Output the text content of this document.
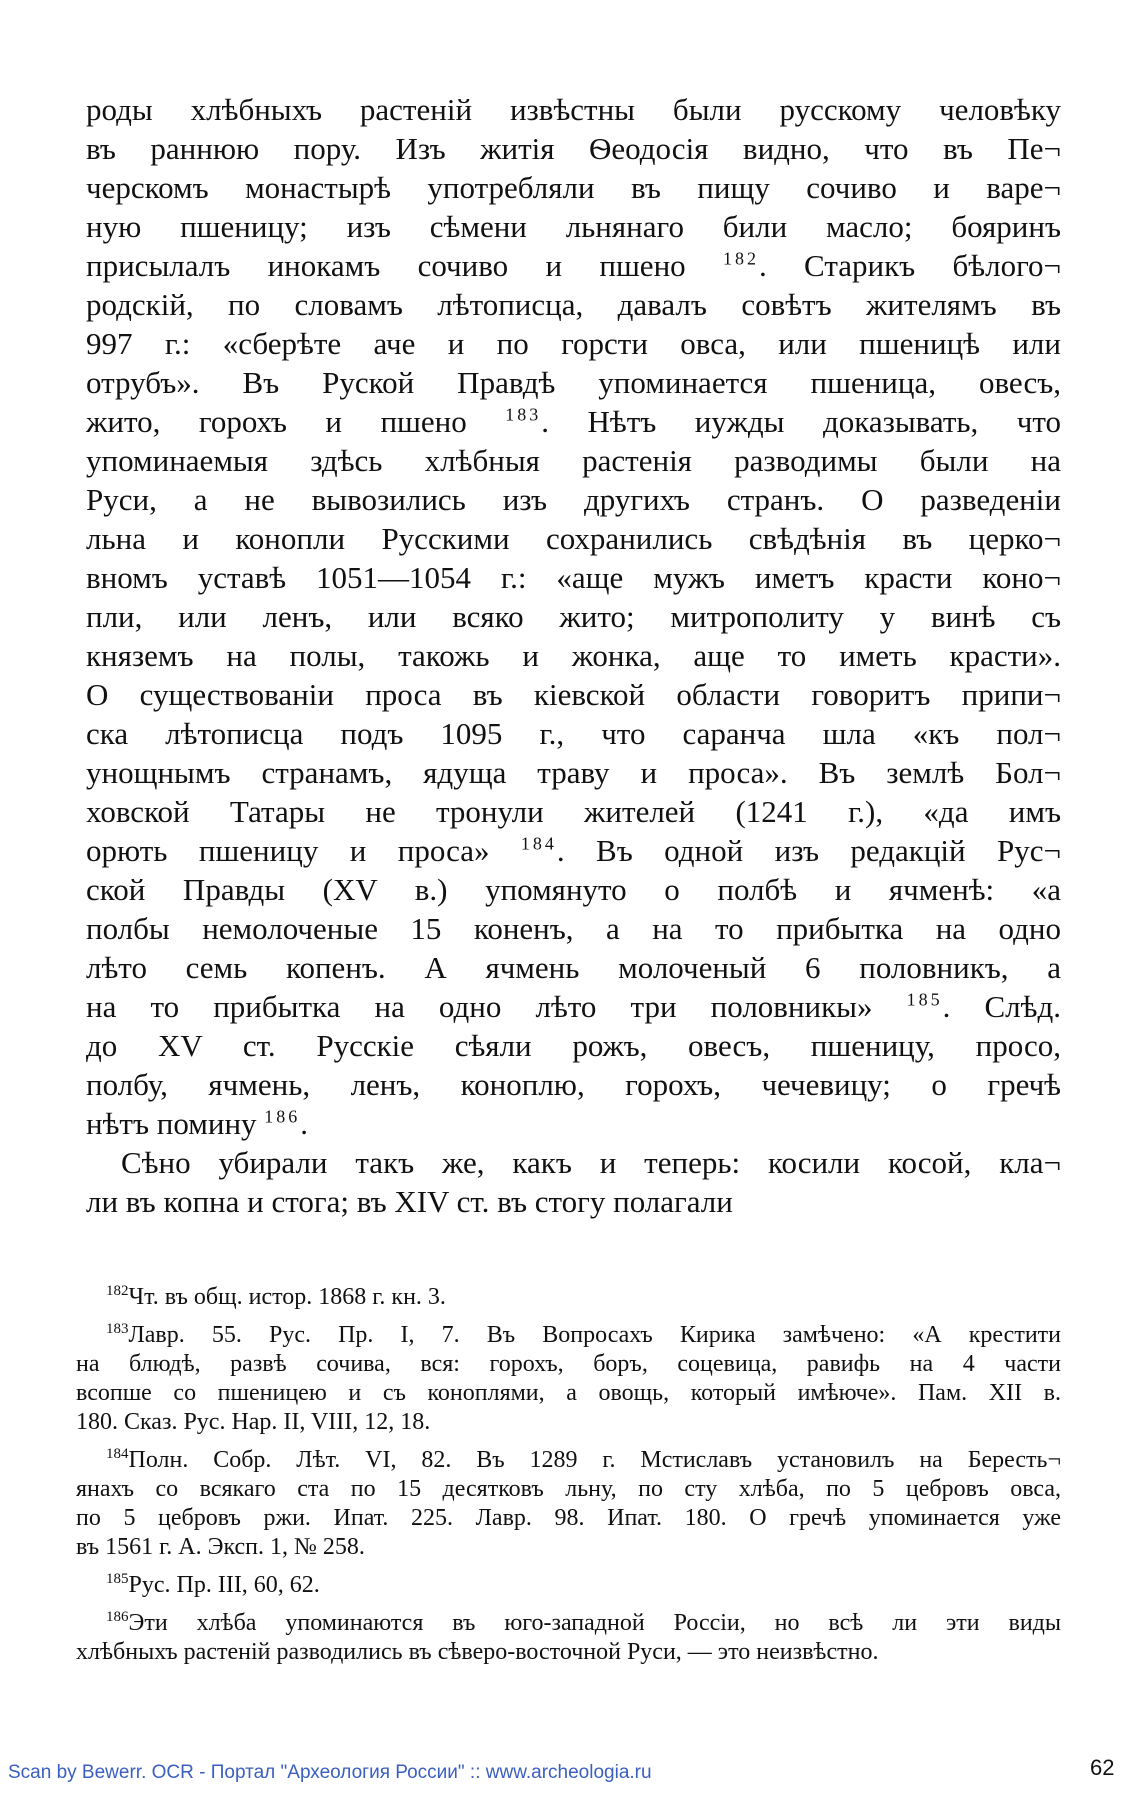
роды хлѣбныхъ растеній извѣстны были русскому человѣку
въ раннюю пору. Изъ житія Ѳеодосія видно, что въ Пе¬
черскомъ монастырѣ употребляли въ пищу сочиво и варе¬
ную пшеницу; изъ сѣмени льнянаго били масло; бояринъ
присылалъ инокамъ сочиво и пшено $^{182}$. Старикъ бѣлого¬
родскій, по словамъ лѣтописца, давалъ совѣтъ жителямъ въ
997 г.: «сберѣте аче и по горсти овса, или пшеницѣ или
отрубъ». Въ Руской Правдѣ упоминается пшеница, овесъ,
жито, горохъ и пшено $^{183}$. Нѣтъ иужды доказывать, что
упоминаемыя здѣсь хлѣбныя растенія разводимы были на
Руси, а не вывозились изъ другихъ странъ. О разведеніи
льна и конопли Русскими сохранились свѣдѣнія въ церко¬
вномъ уставѣ 1051—1054 г.: «аще мужъ иметъ красти коно¬
пли, или ленъ, или всяко жито; митрополиту у винѣ съ
княземъ на полы, такожь и жонка, аще то иметь красти».
О существованіи проса въ кіевской области говоритъ припи¬
ска лѣтописца подъ 1095 г., что саранча шла «къ пол¬
унощнымъ странамъ, ядуща траву и проса». Въ землѣ Бол¬
ховской Татары не тронули жителей (1241 г.), «да имъ
орють пшеницу и проса» $^{184}$. Въ одной изъ редакцій Рус¬
ской Правды (XV в.) упомянуто о полбѣ и ячменѣ: «а
полбы немолоченые 15 коненъ, а на то прибытка на одно
лѣто семь копенъ. А ячмень молоченый 6 половникъ, а
на то прибытка на одно лѣто три половникы» $^{185}$. Слѣд.
до XV ст. Русскіе сѣяли рожъ, овесъ, пшеницу, просо,
полбу, ячмень, ленъ, коноплю, горохъ, чечевицу; о гречѣ
нѣтъ помину $^{186}$.
Сѣно убирали такъ же, какъ и теперь: косили косой, кла¬
ли въ копна и стога; въ XIV ст. въ стогу полагали
$^{182}$Чт. въ общ. истор. 1868 г. кн. 3.
$^{183}$Лавр. 55. Рус. Пр. I, 7. Въ Вопросахъ Кирика замѣчено: «А крестити
на блюдѣ, развѣ сочива, вся: горохъ, боръ, соцевица, равифь на 4 части
всопше со пшеницею и съ коноплями, а овощь, который имѣюче». Пам. XII в.
180. Сказ. Рус. Нар. II, VIII, 12, 18.
$^{184}$Полн. Собр. Лѣт. VI, 82. Въ 1289 г. Мстиславъ установилъ на Бересть¬
янахъ со всякаго ста по 15 десятковъ льну, по сту хлѣба, по 5 цебровъ овса,
по 5 цебровъ ржи. Ипат. 225. Лавр. 98. Ипат. 180. О гречѣ упоминается уже
въ 1561 г. А. Эксп. 1, № 258.
$^{185}$Рус. Пр. III, 60, 62.
$^{186}$Эти хлѣба упоминаются въ юго-западной Россіи, но всѣ ли эти виды
хлѣбныхъ растеній разводились въ сѣверо-восточной Руси, — это неизвѣстно.
Scan by Bewerr. OCR - Портал "Археология России" :: www.archeologia.ru	62
